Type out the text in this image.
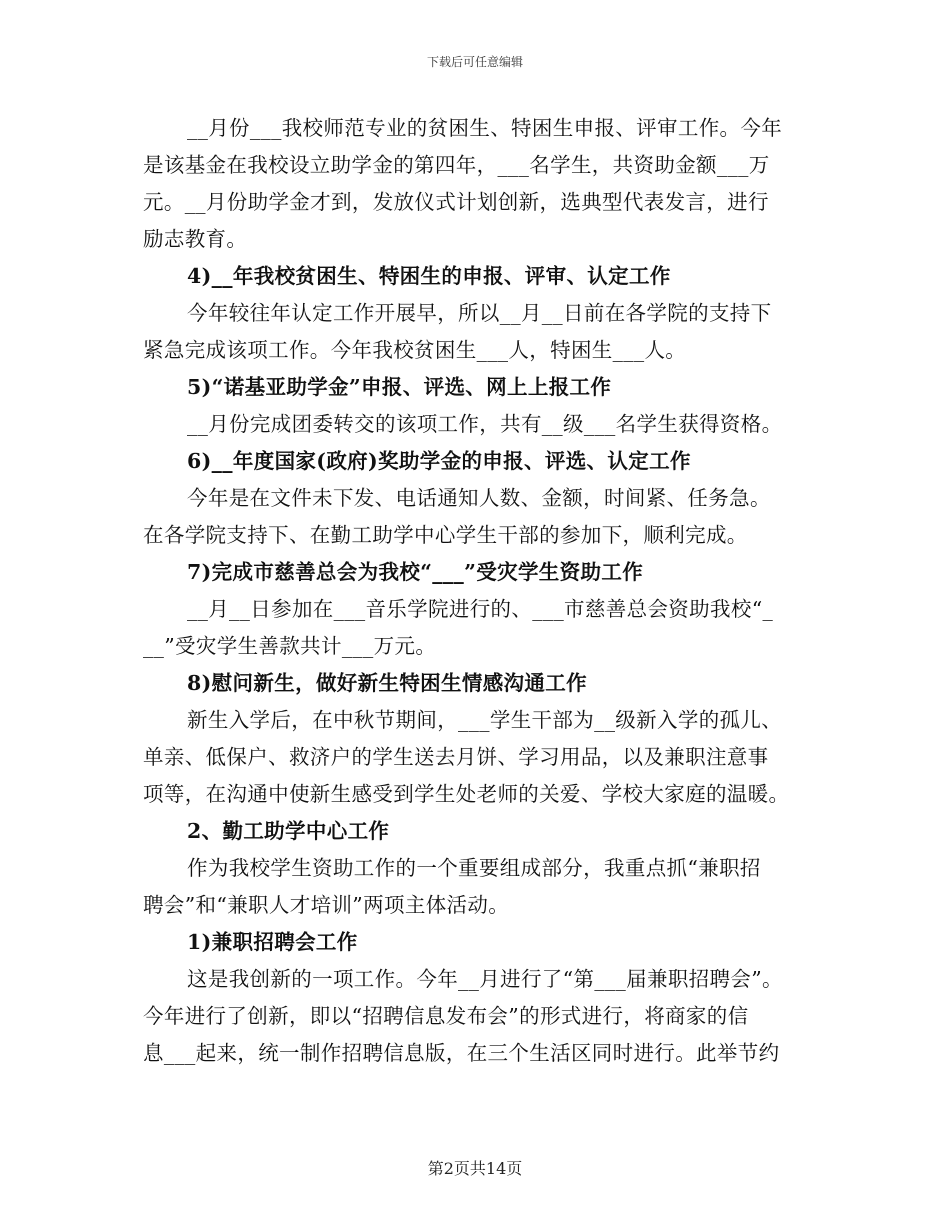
下载后可任意编辑
__月份___我校师范专业的贫困生、特困生申报、评审工作。今年
是该基金在我校设立助学金的第四年，___名学生，共资助金额___万
元。__月份助学金才到，发放仪式计划创新，选典型代表发言，进行
励志教育。
4)__年我校贫困生、特困生的申报、评审、认定工作
今年较往年认定工作开展早，所以__月__日前在各学院的支持下
紧急完成该项工作。今年我校贫困生___人，特困生___人。
5)“诺基亚助学金”申报、评选、网上上报工作
__月份完成团委转交的该项工作，共有__级___名学生获得资格。
6)__年度国家(政府)奖助学金的申报、评选、认定工作
今年是在文件未下发、电话通知人数、金额，时间紧、任务急。
在各学院支持下、在勤工助学中心学生干部的参加下，顺利完成。
7)完成市慈善总会为我校“___”受灾学生资助工作
__月__日参加在___音乐学院进行的、___市慈善总会资助我校“_
__”受灾学生善款共计___万元。
8)慰问新生，做好新生特困生情感沟通工作
新生入学后，在中秋节期间，___学生干部为__级新入学的孤儿、
单亲、低保户、救济户的学生送去月饼、学习用品，以及兼职注意事
项等，在沟通中使新生感受到学生处老师的关爱、学校大家庭的温暖。
2、勤工助学中心工作
作为我校学生资助工作的一个重要组成部分，我重点抓“兼职招
聘会”和“兼职人才培训”两项主体活动。
1)兼职招聘会工作
这是我创新的一项工作。今年__月进行了“第___届兼职招聘会”。
今年进行了创新，即以“招聘信息发布会”的形式进行，将商家的信
息___起来，统一制作招聘信息版，在三个生活区同时进行。此举节约
第2页共14页
